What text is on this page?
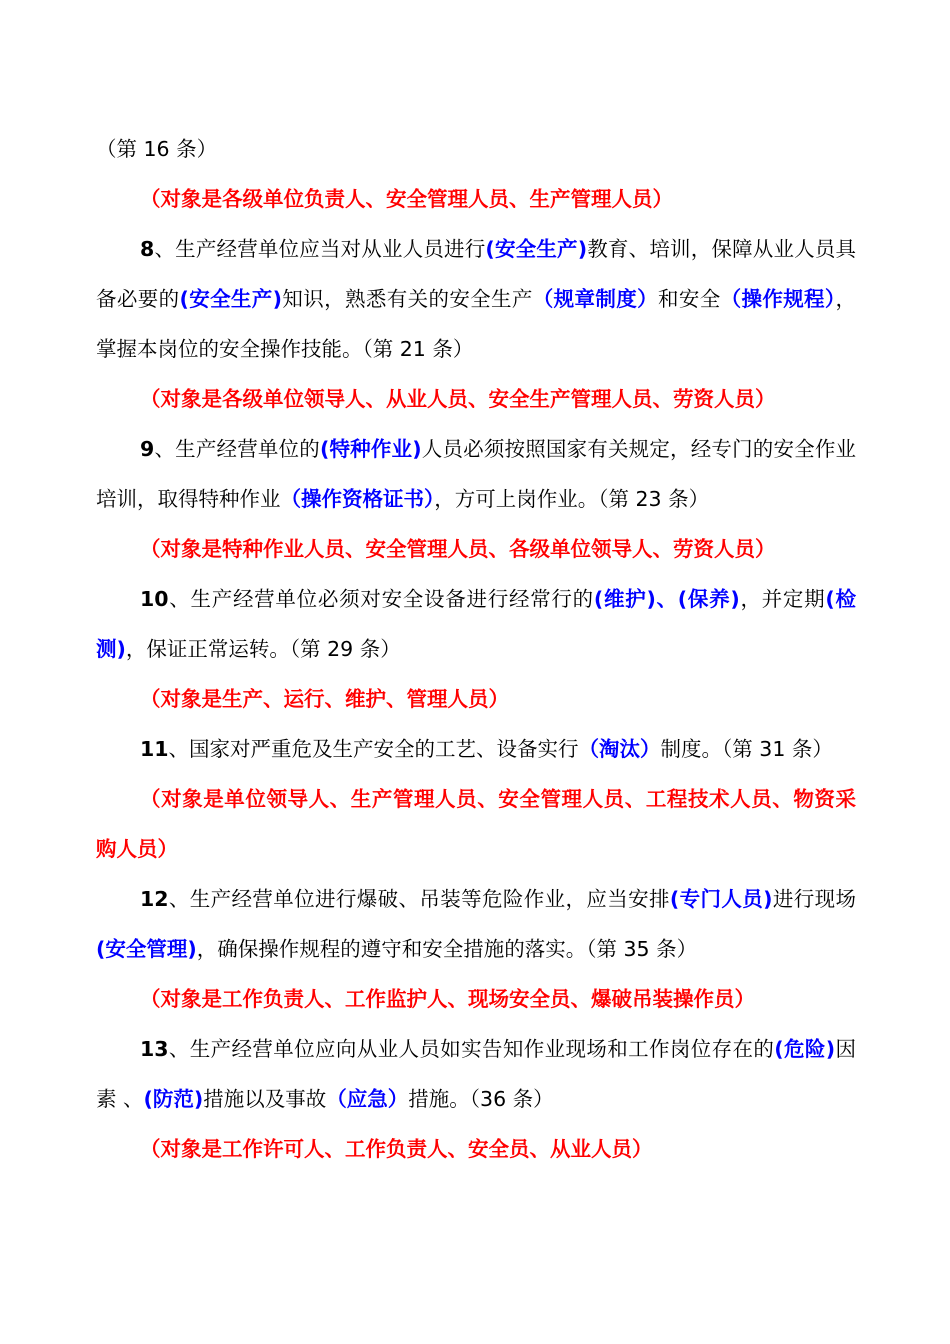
（第 16 条）

（对象是各级单位负责人、安全管理人员、生产管理人员）

8、生产经营单位应当对从业人员进行(安全生产)教育、培训，保障从业人员具备必要的(安全生产)知识，熟悉有关的安全生产（规章制度）和安全（操作规程），掌握本岗位的安全操作技能。（第 21 条）

（对象是各级单位领导人、从业人员、安全生产管理人员、劳资人员）

9、生产经营单位的(特种作业)人员必须按照国家有关规定，经专门的安全作业培训，取得特种作业（操作资格证书），方可上岗作业。（第 23 条）

（对象是特种作业人员、安全管理人员、各级单位领导人、劳资人员）

10、生产经营单位必须对安全设备进行经常行的(维护)、(保养)，并定期(检测)，保证正常运转。（第 29 条）

（对象是生产、运行、维护、管理人员）

11、国家对严重危及生产安全的工艺、设备实行（淘汰）制度。（第 31 条）

（对象是单位领导人、生产管理人员、安全管理人员、工程技术人员、物资采购人员）

12、生产经营单位进行爆破、吊装等危险作业，应当安排(专门人员)进行现场(安全管理)，确保操作规程的遵守和安全措施的落实。（第 35 条）

（对象是工作负责人、工作监护人、现场安全员、爆破吊装操作员）

13、生产经营单位应向从业人员如实告知作业现场和工作岗位存在的(危险)因素 、(防范)措施以及事故（应急）措施。（36 条）

（对象是工作许可人、工作负责人、安全员、从业人员）
